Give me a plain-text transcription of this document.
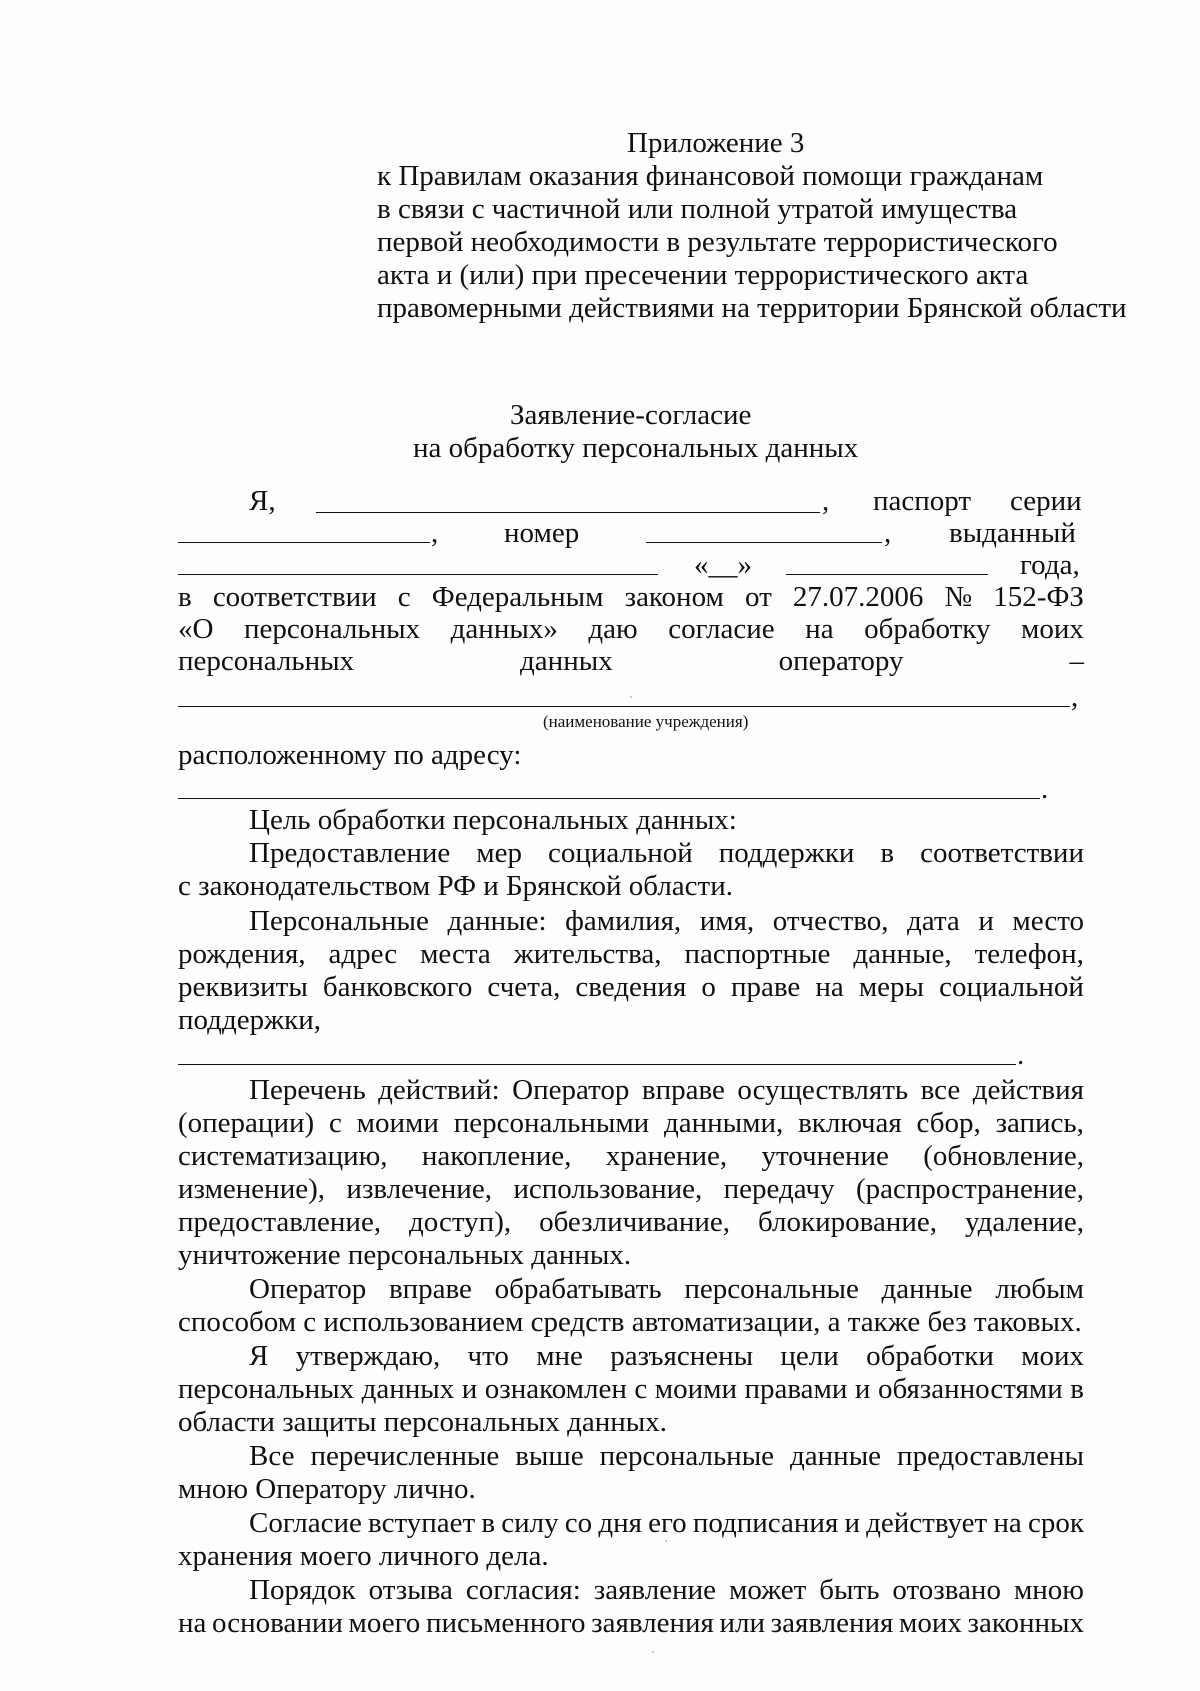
Приложение 3
к Правилам оказания финансовой помощи гражданам
в связи с частичной или полной утратой имущества
первой необходимости в результате террористического
акта и (или) при пресечении террористического акта
правомерными действиями на территории Брянской области
Заявление-согласие
на обработку персональных данных
Я,	, паспорт серии
, номер	, выданный
«__»	года,
в соответствии с Федеральным законом от 27.07.2006 № 152-ФЗ
«О персональных данных» даю согласие на обработку моих
персональных	данных	оператору	–
,
(наименование учреждения)
расположенному по адресу:
.
Цель обработки персональных данных:
Предоставление мер социальной поддержки в соответствии
с законодательством РФ и Брянской области.
Персональные данные: фамилия, имя, отчество, дата и место
рождения, адрес места жительства, паспортные данные, телефон,
реквизиты банковского счета, сведения о праве на меры социальной
поддержки,
.
Перечень действий: Оператор вправе осуществлять все действия
(операции) с моими персональными данными, включая сбор, запись,
систематизацию, накопление, хранение, уточнение (обновление,
изменение), извлечение, использование, передачу (распространение,
предоставление, доступ), обезличивание, блокирование, удаление,
уничтожение персональных данных.
Оператор вправе обрабатывать персональные данные любым
способом с использованием средств автоматизации, а также без таковых.
Я утверждаю, что мне разъяснены цели обработки моих
персональных данных и ознакомлен с моими правами и обязанностями в
области защиты персональных данных.
Все перечисленные выше персональные данные предоставлены
мною Оператору лично.
Согласие вступает в силу со дня его подписания и действует на срок
хранения моего личного дела.
Порядок отзыва согласия: заявление может быть отозвано мною
на основании моего письменного заявления или заявления моих законных
